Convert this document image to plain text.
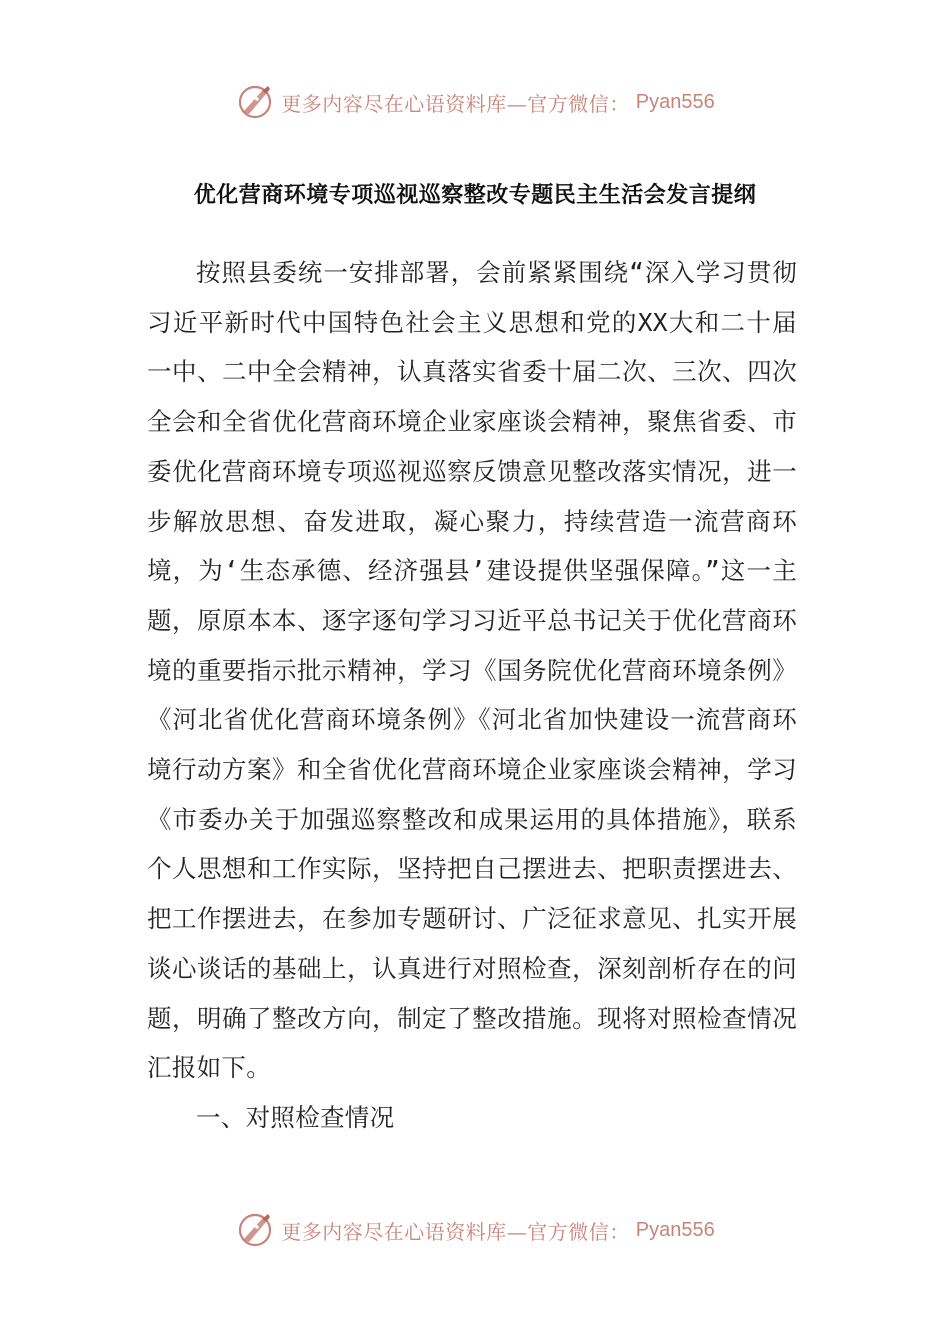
更多内容尽在心语资料库—官方微信： Pyan556
优化营商环境专项巡视巡察整改专题民主生活会发言提纲

按照县委统一安排部署，会前紧紧围绕“深入学习贯彻习近平新时代中国特色社会主义思想和党的XX大和二十届一中、二中全会精神，认真落实省委十届二次、三次、四次全会和全省优化营商环境企业家座谈会精神，聚焦省委、市委优化营商环境专项巡视巡察反馈意见整改落实情况，进一步解放思想、奋发进取，凝心聚力，持续营造一流营商环境，为‘生态承德、经济强县’建设提供坚强保障。”这一主题，原原本本、逐字逐句学习习近平总书记关于优化营商环境的重要指示批示精神，学习《国务院优化营商环境条例》《河北省优化营商环境条例》《河北省加快建设一流营商环境行动方案》和全省优化营商环境企业家座谈会精神，学习《市委办关于加强巡察整改和成果运用的具体措施》，联系个人思想和工作实际，坚持把自己摆进去、把职责摆进去、把工作摆进去，在参加专题研讨、广泛征求意见、扎实开展谈心谈话的基础上，认真进行对照检查，深刻剖析存在的问题，明确了整改方向，制定了整改措施。现将对照检查情况汇报如下。

一、对照检查情况

更多内容尽在心语资料库—官方微信： Pyan556
